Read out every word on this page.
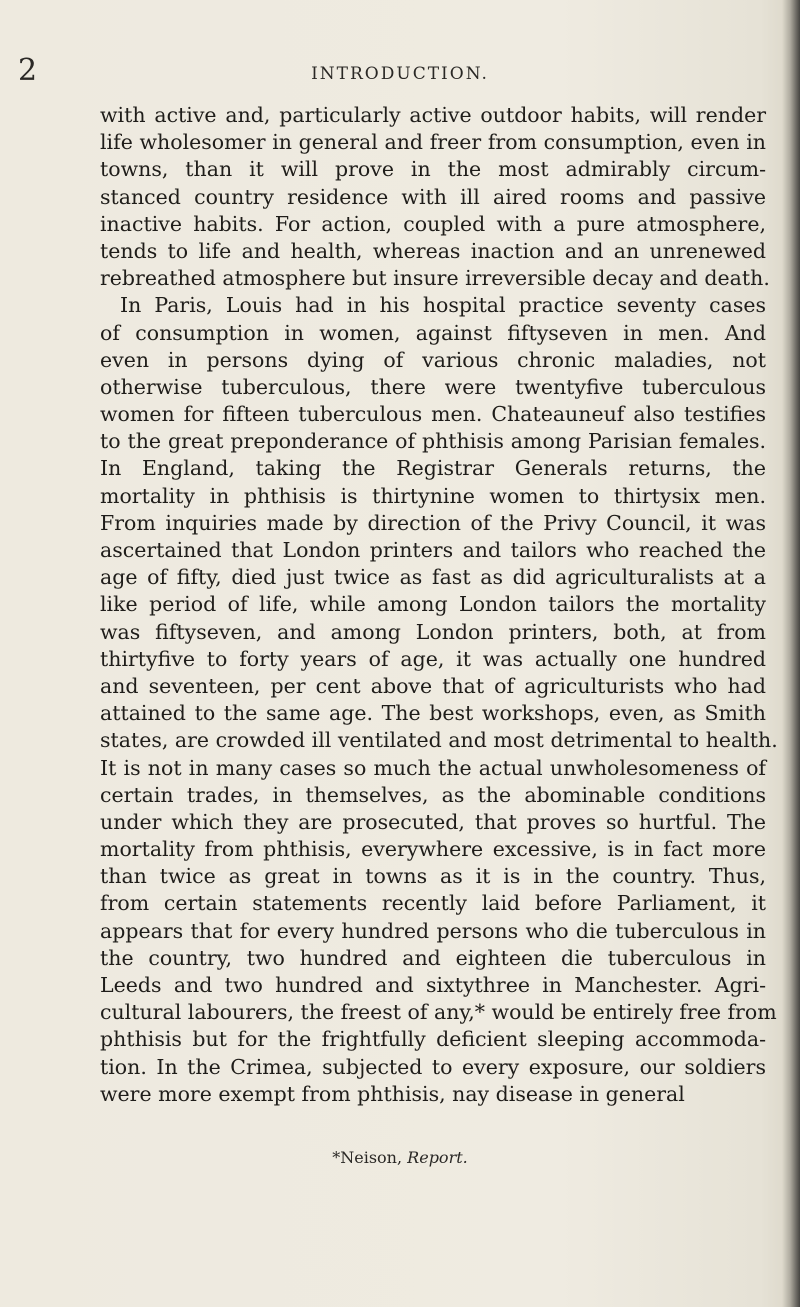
2	INTRODUCTION.
with active and, particularly active outdoor habits, will render
life wholesomer in general and freer from consumption, even in
towns, than it will prove in the most admirably circum-
stanced country residence with ill aired rooms and passive
inactive habits. For action, coupled with a pure atmosphere,
tends to life and health, whereas inaction and an unrenewed
rebreathed atmosphere but insure irreversible decay and death.
In Paris, Louis had in his hospital practice seventy cases
of consumption in women, against fiftyseven in men. And
even in persons dying of various chronic maladies, not
otherwise tuberculous, there were twentyfive tuberculous
women for fifteen tuberculous men. Chateauneuf also testifies
to the great preponderance of phthisis among Parisian females.
In England, taking the Registrar Generals returns, the
mortality in phthisis is thirtynine women to thirtysix men.
From inquiries made by direction of the Privy Council, it was
ascertained that London printers and tailors who reached the
age of fifty, died just twice as fast as did agriculturalists at a
like period of life, while among London tailors the mortality
was fiftyseven, and among London printers, both, at from
thirtyfive to forty years of age, it was actually one hundred
and seventeen, per cent above that of agriculturists who had
attained to the same age. The best workshops, even, as Smith
states, are crowded ill ventilated and most detrimental to health.
It is not in many cases so much the actual unwholesomeness of
certain trades, in themselves, as the abominable conditions
under which they are prosecuted, that proves so hurtful. The
mortality from phthisis, everywhere excessive, is in fact more
than twice as great in towns as it is in the country. Thus,
from certain statements recently laid before Parliament, it
appears that for every hundred persons who die tuberculous in
the country, two hundred and eighteen die tuberculous in
Leeds and two hundred and sixtythree in Manchester. Agri-
cultural labourers, the freest of any,* would be entirely free from
phthisis but for the frightfully deficient sleeping accommoda-
tion. In the Crimea, subjected to every exposure, our soldiers
were more exempt from phthisis, nay disease in general
*Neison, Report.
